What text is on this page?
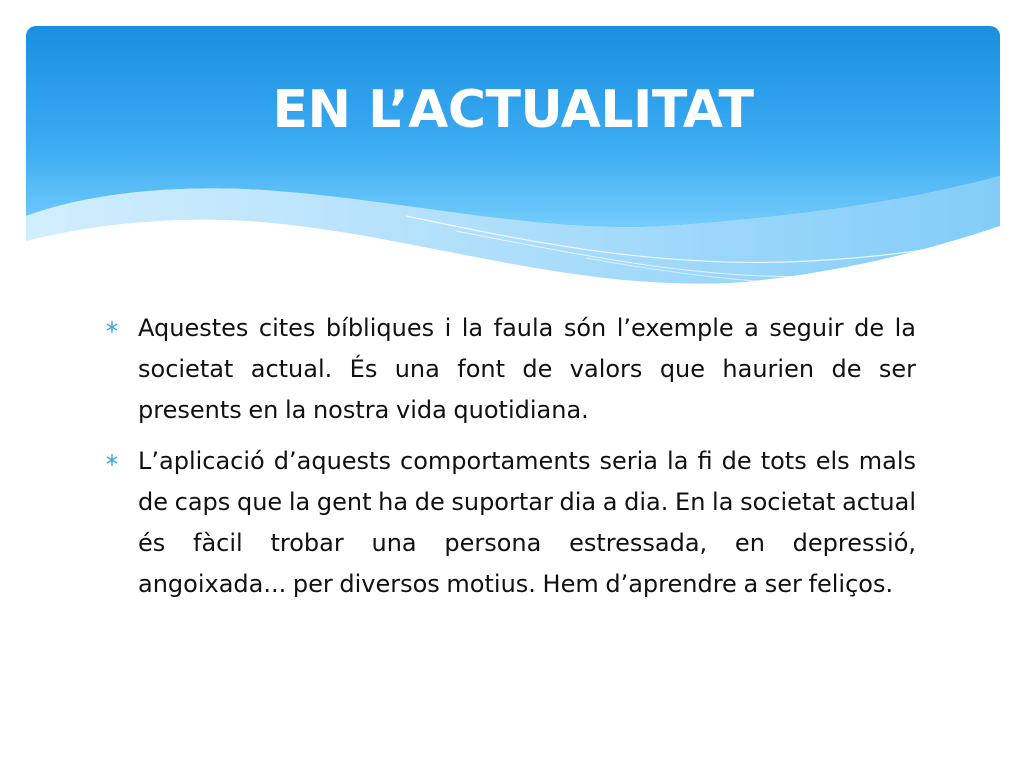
EN L’ACTUALITAT

Aquestes cites bíbliques i la faula són l’exemple a seguir de la societat actual. És una font de valors que haurien de ser presents en la nostra vida quotidiana.

L’aplicació d’aquests comportaments seria la fi de tots els mals de caps que la gent ha de suportar dia a dia. En la societat actual és fàcil trobar una persona estressada, en depressió, angoixada... per diversos motius. Hem d’aprendre a ser feliços.
